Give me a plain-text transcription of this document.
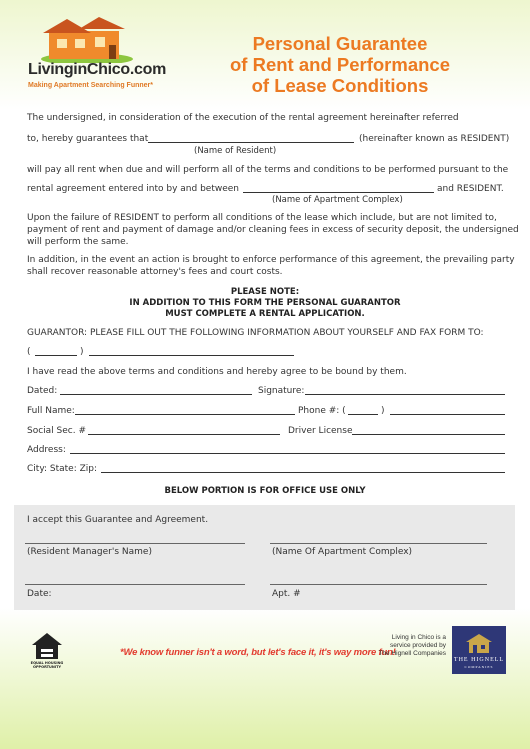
LivinginChico.com
Making Apartment Searching Funner*
Personal Guarantee
of Rent and Performance
of Lease Conditions
The undersigned, in consideration of the execution of the rental agreement hereinafter referred
to, hereby guarantees that	(hereinafter known as RESIDENT)
(Name of Resident)
will pay all rent when due and will perform all of the terms and conditions to be performed pursuant to the
rental agreement entered into by and between	and RESIDENT.
(Name of Apartment Complex)
Upon the failure of RESIDENT to perform all conditions of the lease which include, but are not limited to,
payment of rent and payment of damage and/or cleaning fees in excess of security deposit, the undersigned
will perform the same.
In addition, in the event an action is brought to enforce performance of this agreement, the prevailing party
shall recover reasonable attorney's fees and court costs.
PLEASE NOTE:
IN ADDITION TO THIS FORM THE PERSONAL GUARANTOR
MUST COMPLETE A RENTAL APPLICATION.
GUARANTOR: PLEASE FILL OUT THE FOLLOWING INFORMATION ABOUT YOURSELF AND FAX FORM TO:
(	)
I have read the above terms and conditions and hereby agree to be bound by them.
Dated:	Signature:
Full Name:	Phone #: (	)
Social Sec. #	Driver License
Address:
City: State: Zip:
BELOW PORTION IS FOR OFFICE USE ONLY
I accept this Guarantee and Agreement.
(Resident Manager's Name)	(Name Of Apartment Complex)
Date:	Apt. #
EQUAL HOUSING OPPORTUNITY
*We know funner isn't a word, but let's face it, it's way more fun!
Living in Chico is a
service provided by
The Hignell Companies
THE HIGNELL
COMPANIES
